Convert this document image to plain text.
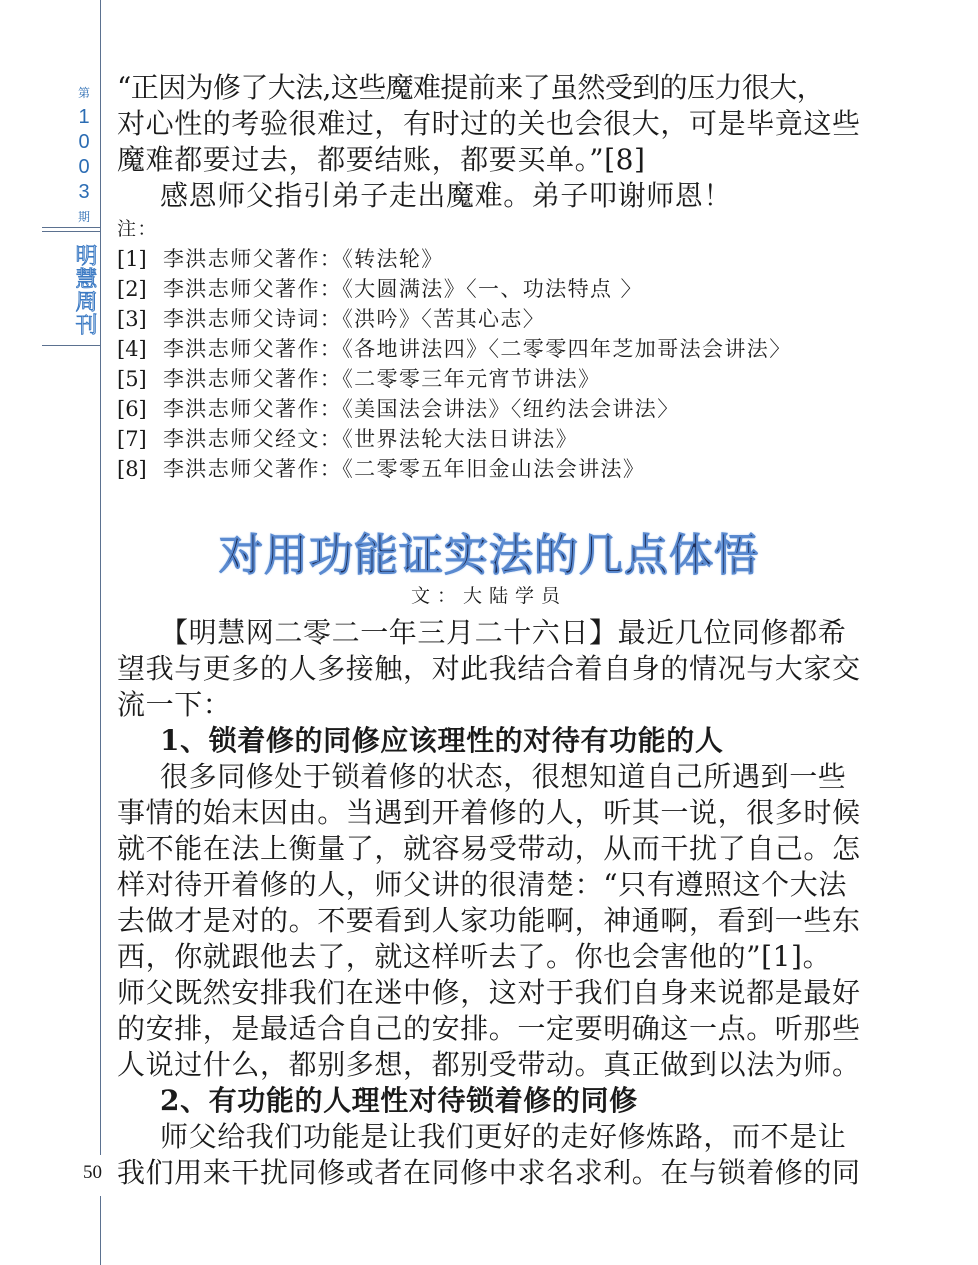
第
1003
期
明慧周刊
50
“正因为修了大法,这些魔难提前来了虽然受到的压力很大，
对心性的考验很难过，有时过的关也会很大，可是毕竟这些
魔难都要过去，都要结账，都要买单。”[8]
感恩师父指引弟子走出魔难。弟子叩谢师恩！
注：
[1] 李洪志师父著作：《转法轮》
[2] 李洪志师父著作：《大圆满法》〈一、功法特点 〉
[3] 李洪志师父诗词：《洪吟》〈苦其心志〉
[4] 李洪志师父著作：《各地讲法四》〈二零零四年芝加哥法会讲法〉
[5] 李洪志师父著作：《二零零三年元宵节讲法》
[6] 李洪志师父著作：《美国法会讲法》〈纽约法会讲法〉
[7] 李洪志师父经文：《世界法轮大法日讲法》
[8] 李洪志师父著作：《二零零五年旧金山法会讲法》
对用功能证实法的几点体悟
文：大陆学员
【明慧网二零二一年三月二十六日】最近几位同修都希
望我与更多的人多接触，对此我结合着自身的情况与大家交
流一下：
1、锁着修的同修应该理性的对待有功能的人
很多同修处于锁着修的状态，很想知道自己所遇到一些
事情的始末因由。当遇到开着修的人，听其一说，很多时候
就不能在法上衡量了，就容易受带动，从而干扰了自己。怎
样对待开着修的人，师父讲的很清楚：“只有遵照这个大法
去做才是对的。不要看到人家功能啊，神通啊，看到一些东
西，你就跟他去了，就这样听去了。你也会害他的”[1]。
师父既然安排我们在迷中修，这对于我们自身来说都是最好
的安排，是最适合自己的安排。一定要明确这一点。听那些
人说过什么，都别多想，都别受带动。真正做到以法为师。
2、有功能的人理性对待锁着修的同修
师父给我们功能是让我们更好的走好修炼路，而不是让
我们用来干扰同修或者在同修中求名求利。在与锁着修的同
